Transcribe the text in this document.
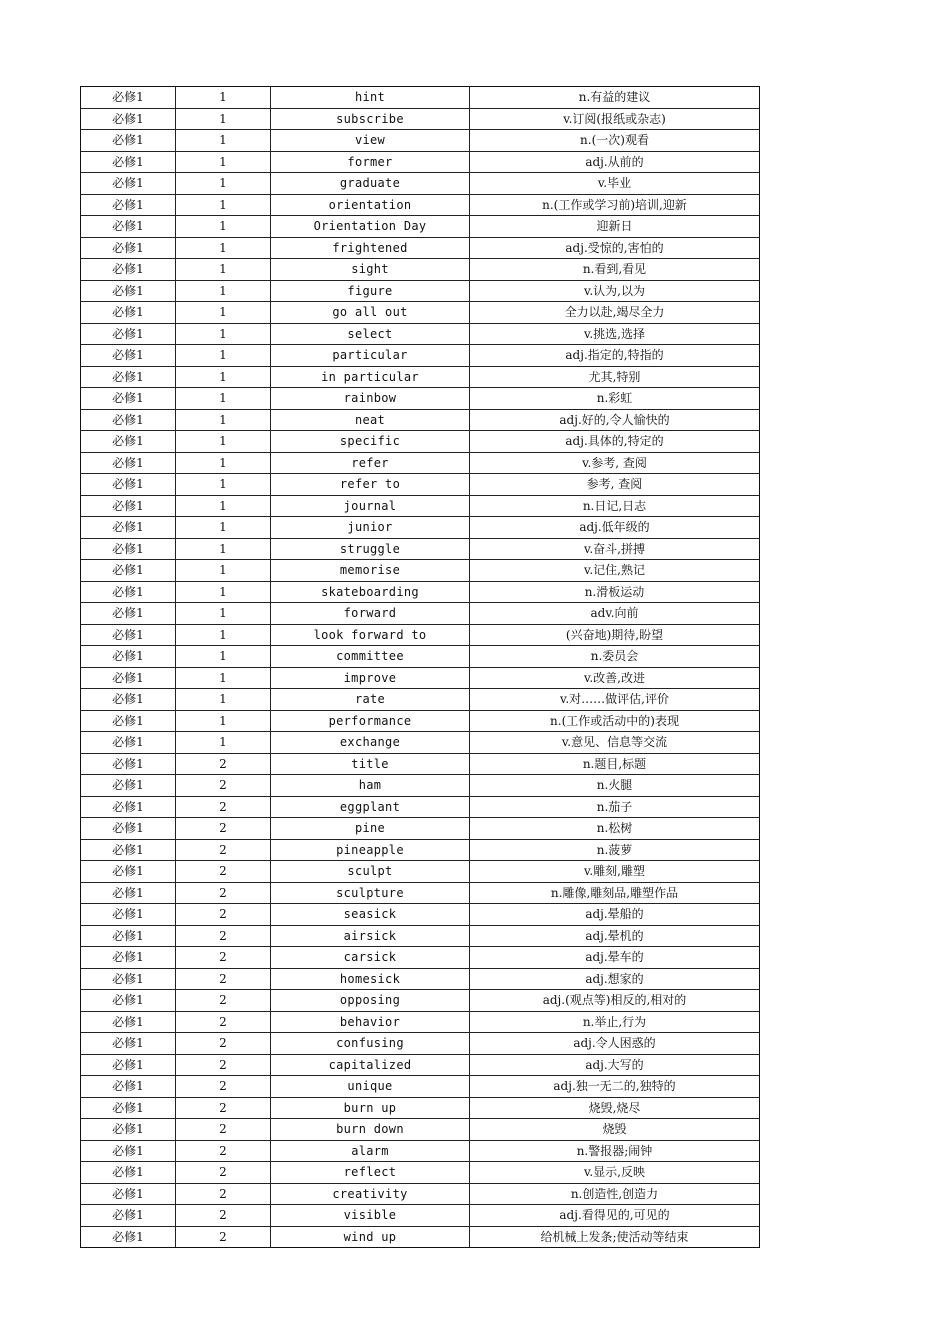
必修1	1	hint	n.有益的建议
必修1	1	subscribe	v.订阅(报纸或杂志)
必修1	1	view	n.(一次)观看
必修1	1	former	adj.从前的
必修1	1	graduate	v.毕业
必修1	1	orientation	n.(工作或学习前)培训,迎新
必修1	1	Orientation Day	迎新日
必修1	1	frightened	adj.受惊的,害怕的
必修1	1	sight	n.看到,看见
必修1	1	figure	v.认为,以为
必修1	1	go all out	全力以赴,竭尽全力
必修1	1	select	v.挑选,选择
必修1	1	particular	adj.指定的,特指的
必修1	1	in particular	尤其,特别
必修1	1	rainbow	n.彩虹
必修1	1	neat	adj.好的,令人愉快的
必修1	1	specific	adj.具体的,特定的
必修1	1	refer	v.参考, 查阅
必修1	1	refer to	参考, 查阅
必修1	1	journal	n.日记,日志
必修1	1	junior	adj.低年级的
必修1	1	struggle	v.奋斗,拼搏
必修1	1	memorise	v.记住,熟记
必修1	1	skateboarding	n.滑板运动
必修1	1	forward	adv.向前
必修1	1	look forward to	(兴奋地)期待,盼望
必修1	1	committee	n.委员会
必修1	1	improve	v.改善,改进
必修1	1	rate	v.对……做评估,评价
必修1	1	performance	n.(工作或活动中的)表现
必修1	1	exchange	v.意见、信息等交流
必修1	2	title	n.题目,标题
必修1	2	ham	n.火腿
必修1	2	eggplant	n.茄子
必修1	2	pine	n.松树
必修1	2	pineapple	n.菠萝
必修1	2	sculpt	v.雕刻,雕塑
必修1	2	sculpture	n.雕像,雕刻品,雕塑作品
必修1	2	seasick	adj.晕船的
必修1	2	airsick	adj.晕机的
必修1	2	carsick	adj.晕车的
必修1	2	homesick	adj.想家的
必修1	2	opposing	adj.(观点等)相反的,相对的
必修1	2	behavior	n.举止,行为
必修1	2	confusing	adj.令人困惑的
必修1	2	capitalized	adj.大写的
必修1	2	unique	adj.独一无二的,独特的
必修1	2	burn up	烧毁,烧尽
必修1	2	burn down	烧毁
必修1	2	alarm	n.警报器;闹钟
必修1	2	reflect	v.显示,反映
必修1	2	creativity	n.创造性,创造力
必修1	2	visible	adj.看得见的,可见的
必修1	2	wind up	给机械上发条;使活动等结束
